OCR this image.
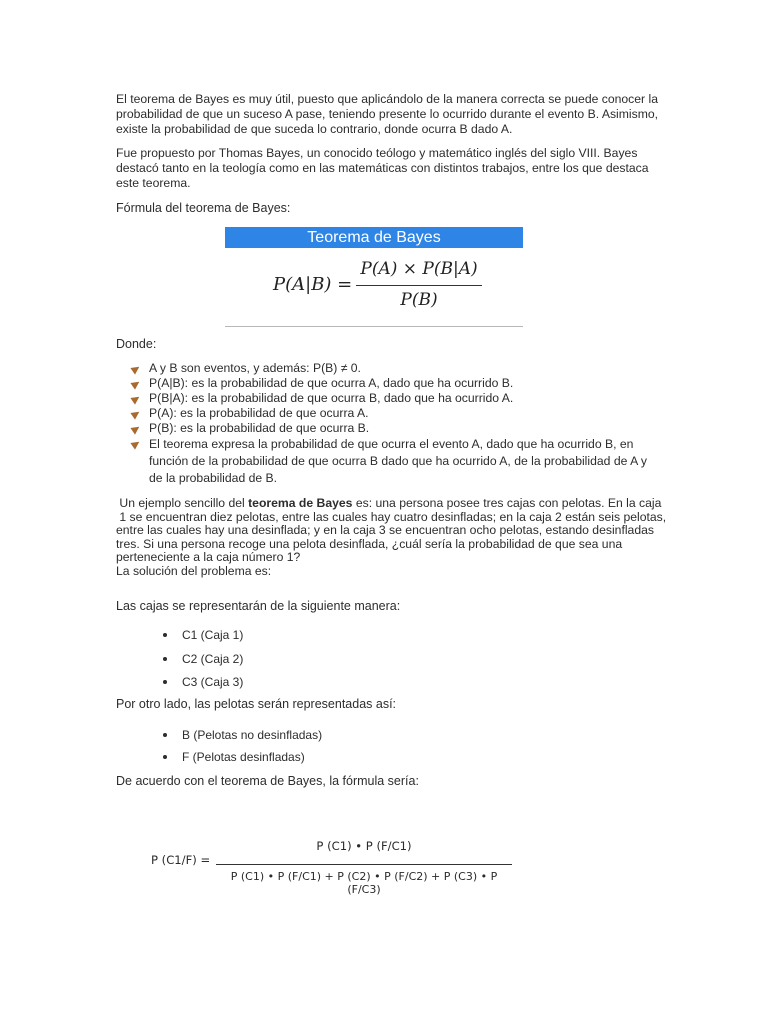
El teorema de Bayes es muy útil, puesto que aplicándolo de la manera correcta se puede conocer la
probabilidad de que un suceso A pase, teniendo presente lo ocurrido durante el evento B. Asimismo,
existe la probabilidad de que suceda lo contrario, donde ocurra B dado A.
Fue propuesto por Thomas Bayes, un conocido teólogo y matemático inglés del siglo VIII. Bayes
destacó tanto en la teología como en las matemáticas con distintos trabajos, entre los que destaca
este teorema.
Fórmula del teorema de Bayes:
Teorema de Bayes
P(A|B) =
P(A) × P(B|A)
P(B)
Donde:
A y B son eventos, y además: P(B) ≠ 0.
P(A|B): es la probabilidad de que ocurra A, dado que ha ocurrido B.
P(B|A): es la probabilidad de que ocurra B, dado que ha ocurrido A.
P(A): es la probabilidad de que ocurra A.
P(B): es la probabilidad de que ocurra B.
El teorema expresa la probabilidad de que ocurra el evento A, dado que ha ocurrido B, en
función de la probabilidad de que ocurra B dado que ha ocurrido A, de la probabilidad de A y
de la probabilidad de B.
Un ejemplo sencillo del teorema de Bayes es: una persona posee tres cajas con pelotas. En la caja
1 se encuentran diez pelotas, entre las cuales hay cuatro desinfladas; en la caja 2 están seis pelotas,
entre las cuales hay una desinflada; y en la caja 3 se encuentran ocho pelotas, estando desinfladas
tres. Si una persona recoge una pelota desinflada, ¿cuál sería la probabilidad de que sea una
perteneciente a la caja número 1?
La solución del problema es:
Las cajas se representarán de la siguiente manera:
C1 (Caja 1)
C2 (Caja 2)
C3 (Caja 3)
Por otro lado, las pelotas serán representadas así:
B (Pelotas no desinfladas)
F (Pelotas desinfladas)
De acuerdo con el teorema de Bayes, la fórmula sería:
P (C1/F) =
P (C1) • P (F/C1)
P (C1) • P (F/C1) + P (C2) • P (F/C2) + P (C3) • P (F/C3)
